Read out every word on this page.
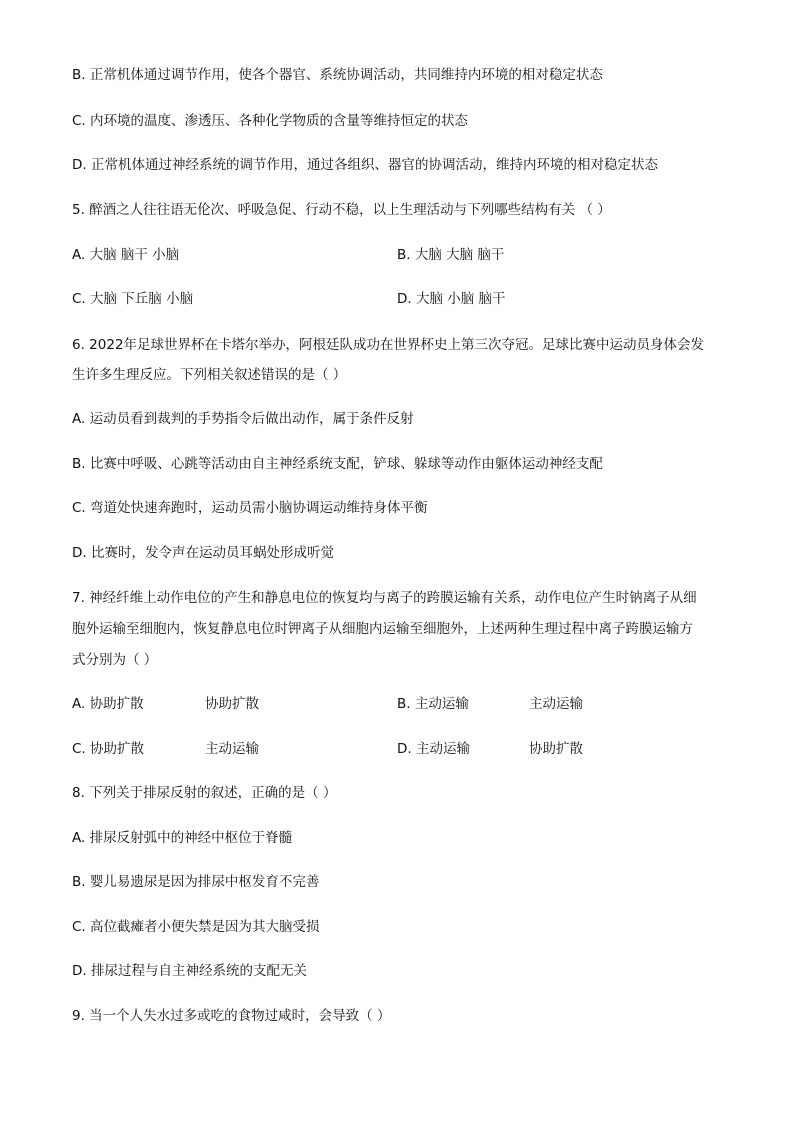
B. 正常机体通过调节作用，使各个器官、系统协调活动，共同维持内环境的相对稳定状态
C. 内环境的温度、渗透压、各种化学物质的含量等维持恒定的状态
D. 正常机体通过神经系统的调节作用，通过各组织、器官的协调活动，维持内环境的相对稳定状态
5. 醉酒之人往往语无伦次、呼吸急促、行动不稳，以上生理活动与下列哪些结构有关 （ ）
A. 大脑 脑干 小脑	B. 大脑 大脑 脑干
C. 大脑 下丘脑 小脑	D. 大脑 小脑 脑干
6. 2022年足球世界杯在卡塔尔举办，阿根廷队成功在世界杯史上第三次夺冠。足球比赛中运动员身体会发
生许多生理反应。下列相关叙述错误的是（ ）
A. 运动员看到裁判的手势指令后做出动作，属于条件反射
B. 比赛中呼吸、心跳等活动由自主神经系统支配，铲球、躲球等动作由躯体运动神经支配
C. 弯道处快速奔跑时，运动员需小脑协调运动维持身体平衡
D. 比赛时，发令声在运动员耳蜗处形成听觉
7. 神经纤维上动作电位的产生和静息电位的恢复均与离子的跨膜运输有关系，动作电位产生时钠离子从细
胞外运输至细胞内，恢复静息电位时钾离子从细胞内运输至细胞外，上述两种生理过程中离子跨膜运输方
式分别为（ ）
A. 协助扩散	协助扩散	B. 主动运输	主动运输
C. 协助扩散	主动运输	D. 主动运输	协助扩散
8. 下列关于排尿反射的叙述，正确的是（ ）
A. 排尿反射弧中的神经中枢位于脊髓
B. 婴儿易遗尿是因为排尿中枢发育不完善
C. 高位截瘫者小便失禁是因为其大脑受损
D. 排尿过程与自主神经系统的支配无关
9. 当一个人失水过多或吃的食物过咸时，会导致（ ）
